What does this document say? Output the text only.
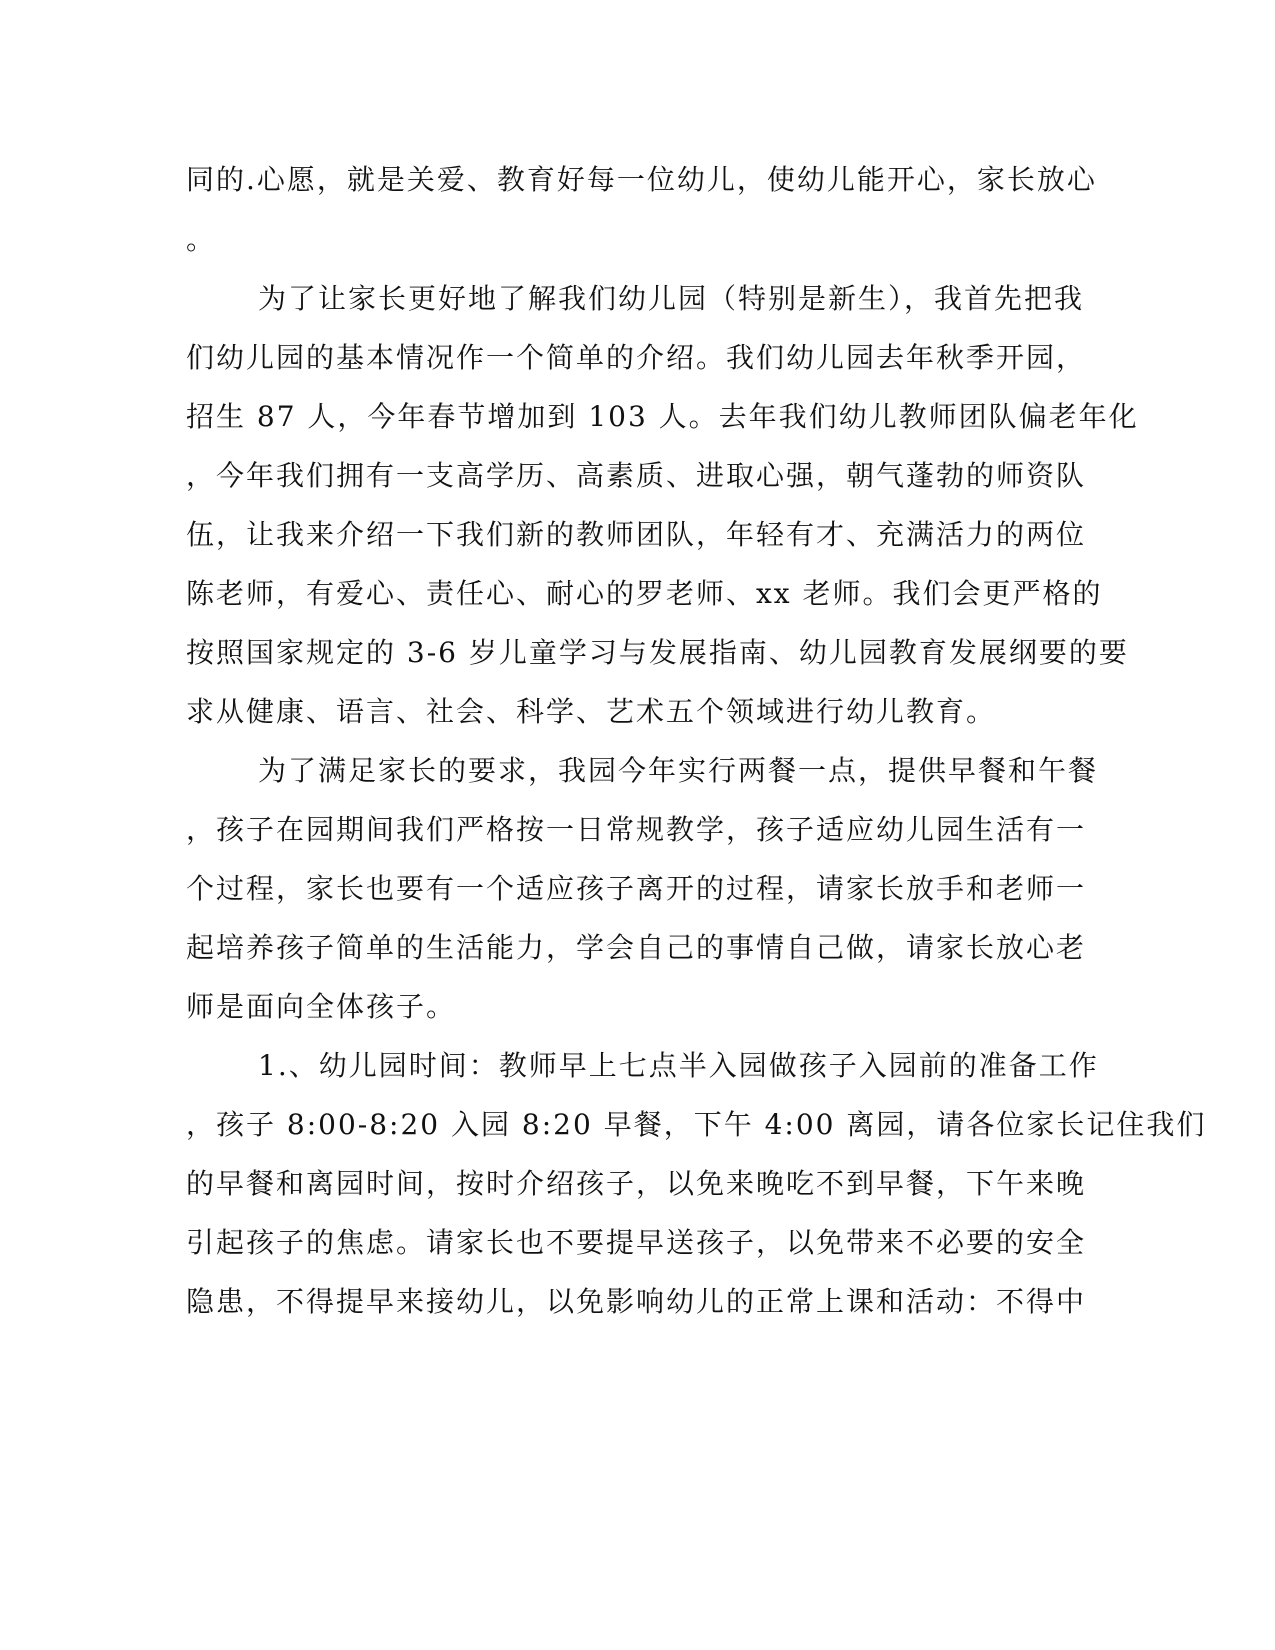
同的.心愿，就是关爱、教育好每一位幼儿，使幼儿能开心，家长放心
。
为了让家长更好地了解我们幼儿园（特别是新生），我首先把我
们幼儿园的基本情况作一个简单的介绍。我们幼儿园去年秋季开园，
招生 87 人，今年春节增加到 103 人。去年我们幼儿教师团队偏老年化
，今年我们拥有一支高学历、高素质、进取心强，朝气蓬勃的师资队
伍，让我来介绍一下我们新的教师团队，年轻有才、充满活力的两位
陈老师，有爱心、责任心、耐心的罗老师、xx 老师。我们会更严格的
按照国家规定的 3-6 岁儿童学习与发展指南、幼儿园教育发展纲要的要
求从健康、语言、社会、科学、艺术五个领域进行幼儿教育。
为了满足家长的要求，我园今年实行两餐一点，提供早餐和午餐
，孩子在园期间我们严格按一日常规教学，孩子适应幼儿园生活有一
个过程，家长也要有一个适应孩子离开的过程，请家长放手和老师一
起培养孩子简单的生活能力，学会自己的事情自己做，请家长放心老
师是面向全体孩子。
1.、幼儿园时间：教师早上七点半入园做孩子入园前的准备工作
，孩子 8:00-8:20 入园 8:20 早餐，下午 4:00 离园，请各位家长记住我们
的早餐和离园时间，按时介绍孩子，以免来晚吃不到早餐，下午来晚
引起孩子的焦虑。请家长也不要提早送孩子，以免带来不必要的安全
隐患，不得提早来接幼儿，以免影响幼儿的正常上课和活动：不得中
